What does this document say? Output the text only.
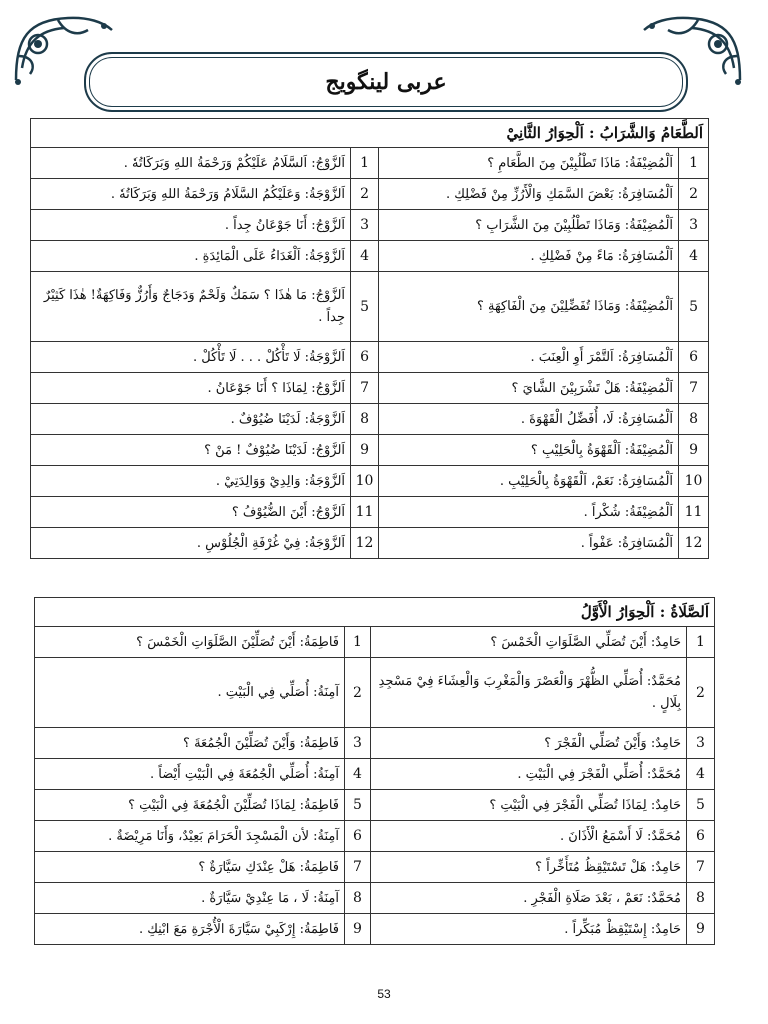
عربی لینگویج
اَلطَّعَامُ وَالشَّرَابُ : اَلْحِوَارُ الثَّانِيْ			
1	اَلْمُضِيْفَةُ: مَاذَا تَطْلُبِيْنَ مِنَ الطَّعَامِ ؟	1	اَلزَّوْجُ: اَلسَّلَامُ عَلَيْكُمْ وَرَحْمَةُ اللهِ وَبَرَكَاتُهٗ .
2	اَلْمُسَافِرَةُ: بَعْضَ السَّمَكِ وَالْأَرُزِّ مِنْ فَضْلِكِ .	2	اَلزَّوْجَةُ: وَعَلَيْكُمُ السَّلَامُ وَرَحْمَةُ اللهِ وَبَرَكَاتُهٗ .
3	اَلْمُضِيْفَةُ: وَمَاذَا تَطْلُبِيْنَ مِنَ الشَّرَابِ ؟	3	اَلزَّوْجُ: أَنَا جَوْعَانُ جِداً .
4	اَلْمُسَافِرَةُ: مَاءً مِنْ فَضْلِكِ .	4	اَلزَّوْجَةُ: اَلْغَدَاءُ عَلَى الْمَائِدَةِ .
5	اَلْمُضِيْفَةُ: وَمَاذَا تُفَضِّلِيْنَ مِنَ الْفَاكِهَةِ ؟	5	اَلزَّوْجُ: مَا هٰذَا ؟ سَمَكٌ وَلَحْمٌ وَدَجَاجٌ وَأَرُزٌّ وَفَاكِهَةٌ! هٰذَا كَثِيْرٌ جِداً .
6	اَلْمُسَافِرَةُ: اَلتَّمْرَ أَوِ الْعِنَبَ .	6	اَلزَّوْجَةُ: لَا تَأْكُلْ . . . لَا تَأْكُلْ .
7	اَلْمُضِيْفَةُ: هَلْ تَشْرَبِيْنَ الشَّايَ ؟	7	اَلزَّوْجُ: لِمَاذَا ؟ أَنَا جَوْعَانُ .
8	اَلْمُسَافِرَةُ: لَا، أُفَضِّلُ الْقَهْوَةَ .	8	اَلزَّوْجَةُ: لَدَيْنَا ضُيُوْفٌ .
9	اَلْمُضِيْفَةُ: اَلْقَهْوَةُ بِالْحَلِيْبِ ؟	9	اَلزَّوْجُ: لَدَيْنَا ضُيُوْفٌ ! مَنْ ؟
10	اَلْمُسَافِرَةُ: نَعَمْ، اَلْقَهْوَةُ بِالْحَلِيْبِ .	10	اَلزَّوْجَةُ: وَالِدِيْ وَوَالِدَتِيْ .
11	اَلْمُضِيْفَةُ: شُكْراً .	11	اَلزَّوْجُ: أَيْنَ الضُّيُوْفُ ؟
12	اَلْمُسَافِرَةُ: عَفْواً .	12	اَلزَّوْجَةُ: فِيْ غُرْفَةِ الْجُلُوْسِ .
اَلصَّلَاةُ : اَلْحِوَارُ الْأَوَّلُ			
1	حَامِدٌ: أَيْنَ تُصَلِّي الصَّلَوَاتِ الْخَمْسَ ؟	1	فَاطِمَةُ: أَيْنَ تُصَلِّيْنَ الصَّلَوَاتِ الْخَمْسَ ؟
2	مُحَمَّدٌ: أُصَلِّي الظُّهْرَ وَالْعَصْرَ وَالْمَغْرِبَ وَالْعِشَاءَ فِيْ مَسْجِدِ بِلَالٍ .	2	آمِنَةُ: أُصَلِّي فِي الْبَيْتِ .
3	حَامِدٌ: وَأَيْنَ تُصَلِّي الْفَجْرَ ؟	3	فَاطِمَةُ: وَأَيْنَ تُصَلِّيْنَ الْجُمُعَةَ ؟
4	مُحَمَّدٌ: أُصَلِّي الْفَجْرَ فِي الْبَيْتِ .	4	آمِنَةُ: أُصَلِّي الْجُمُعَةَ فِي الْبَيْتِ أَيْضاً .
5	حَامِدٌ: لِمَاذَا تُصَلِّي الْفَجْرَ فِي الْبَيْتِ ؟	5	فَاطِمَةُ: لِمَاذَا تُصَلِّيْنَ الْجُمُعَةَ فِي الْبَيْتِ ؟
6	مُحَمَّدٌ: لَا أَسْمَعُ الْأَذَانَ .	6	آمِنَةُ: لأن الْمَسْجِدَ الْحَرَامَ بَعِيْدٌ، وَأَنَا مَرِيْضَةٌ .
7	حَامِدٌ: هَلْ تَسْتَيْقِظُ مُتَأَخِّراً ؟	7	فَاطِمَةُ: هَلْ عِنْدَكِ سَيَّارَةٌ ؟
8	مُحَمَّدٌ: نَعَمْ ، بَعْدَ صَلَاةِ الْفَجْرِ .	8	آمِنَةُ: لَا ، مَا عِنْدِيْ سَيَّارَةٌ .
9	حَامِدٌ: إِسْتَيْقِظْ مُبَكِّراً .	9	فَاطِمَةُ: إِرْكَبِيْ سَيَّارَةَ الْأُجْرَةِ مَعَ ابْنِكِ .
53
